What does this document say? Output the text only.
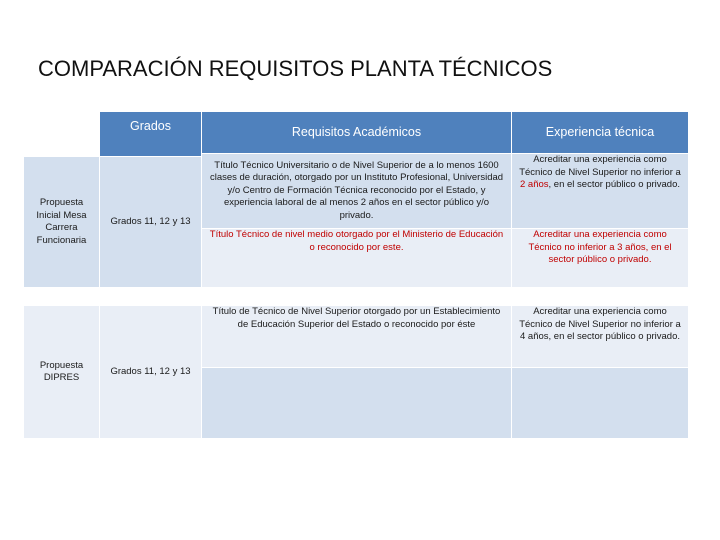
COMPARACIÓN REQUISITOS PLANTA TÉCNICOS
Grados	Requisitos Académicos	Experiencia técnica
Propuesta Inicial Mesa Carrera Funcionaria
Grados 11, 12 y 13
Título Técnico Universitario o de Nivel Superior de a lo menos 1600 clases de duración, otorgado por un Instituto Profesional, Universidad y/o Centro de Formación Técnica reconocido por el Estado, y experiencia laboral de al menos 2 años en el sector público y/o privado.
Acreditar una experiencia como Técnico de Nivel Superior no inferior a 2 años, en el sector público o privado.
Título Técnico de nivel medio otorgado por el Ministerio de Educación o reconocido por este.
Acreditar una experiencia como Técnico no inferior a 3 años, en el sector público o privado.
Propuesta DIPRES
Grados 11, 12 y 13
Título de Técnico de Nivel Superior otorgado por un Establecimiento de Educación Superior del Estado o reconocido por éste
Acreditar una experiencia como Técnico de Nivel Superior no inferior a 4 años, en el sector público o privado.
